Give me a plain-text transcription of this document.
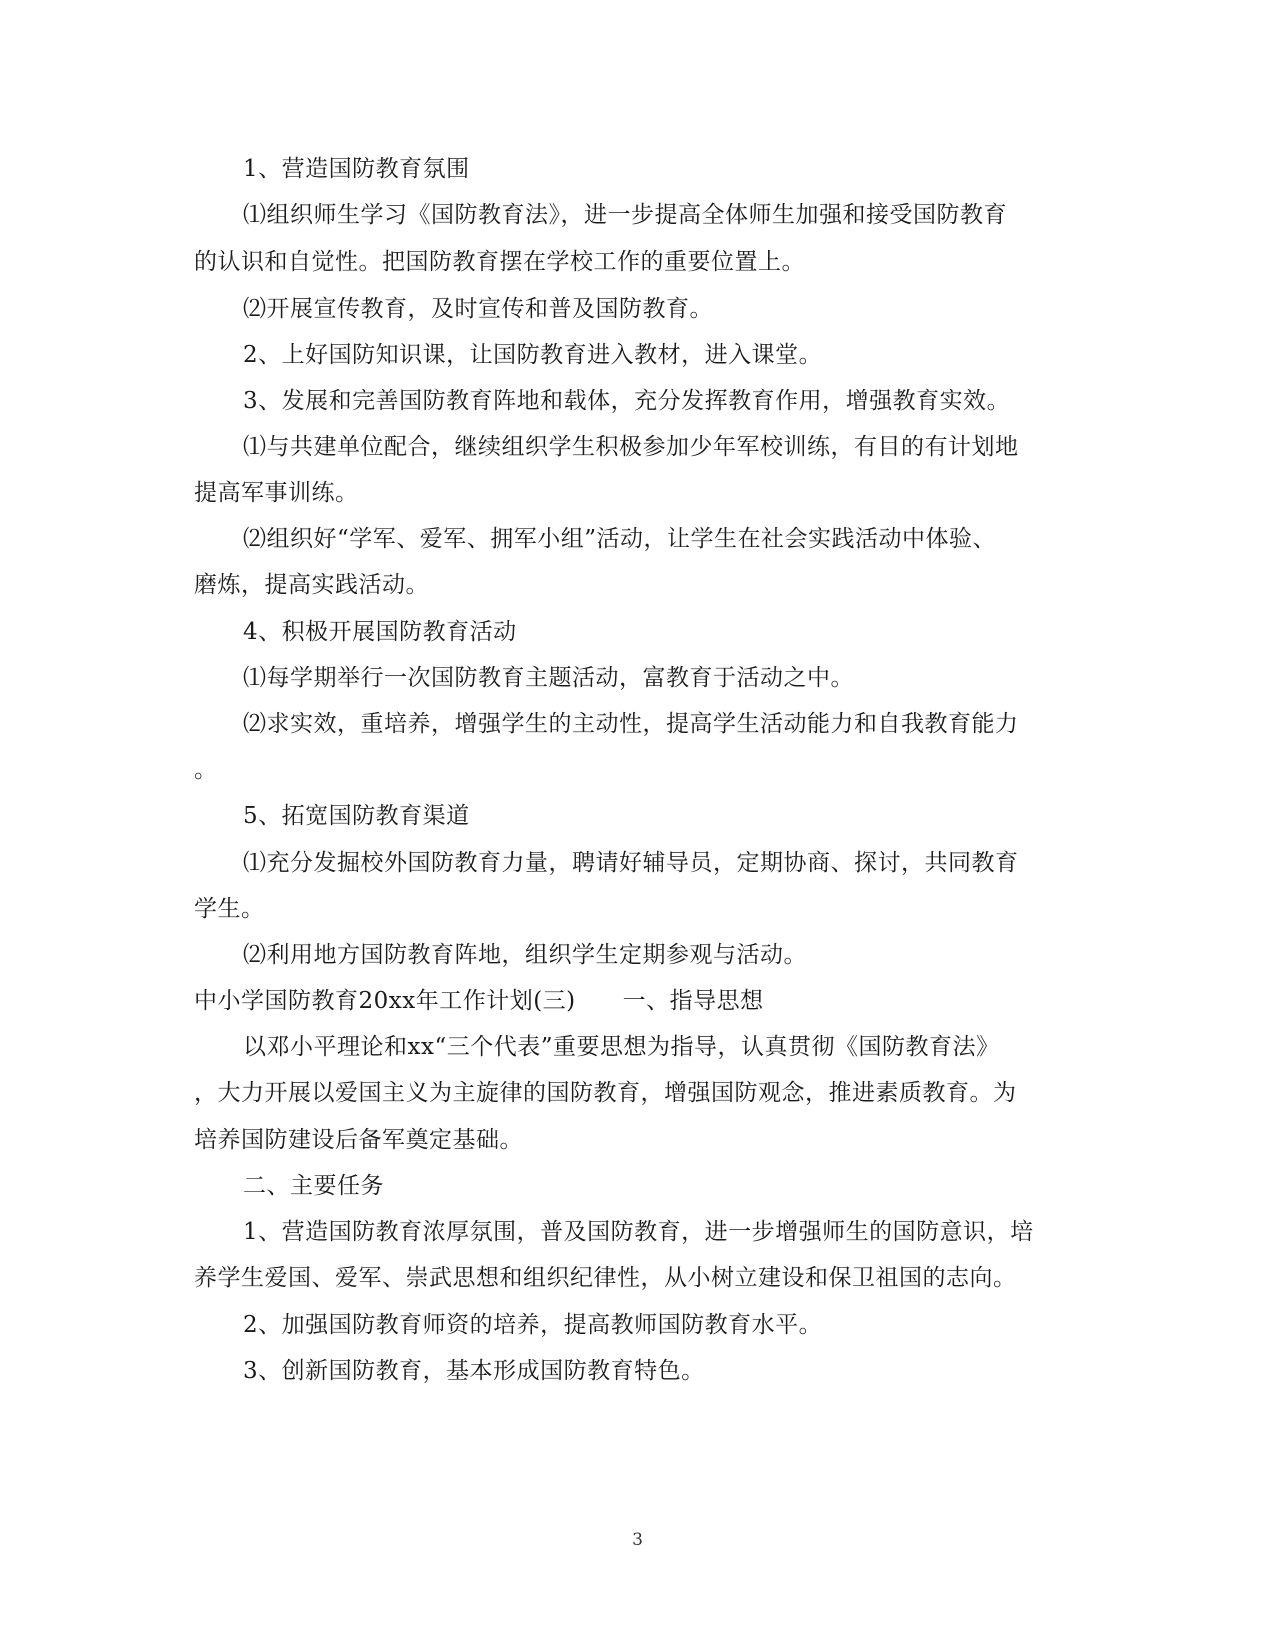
1、营造国防教育氛围
⑴组织师生学习《国防教育法》，进一步提高全体师生加强和接受国防教育
的认识和自觉性。把国防教育摆在学校工作的重要位置上。
⑵开展宣传教育，及时宣传和普及国防教育。
2、上好国防知识课，让国防教育进入教材，进入课堂。
3、发展和完善国防教育阵地和载体，充分发挥教育作用，增强教育实效。
⑴与共建单位配合，继续组织学生积极参加少年军校训练，有目的有计划地
提高军事训练。
⑵组织好“学军、爱军、拥军小组”活动，让学生在社会实践活动中体验、
磨炼，提高实践活动。
4、积极开展国防教育活动
⑴每学期举行一次国防教育主题活动，富教育于活动之中。
⑵求实效，重培养，增强学生的主动性，提高学生活动能力和自我教育能力
。
5、拓宽国防教育渠道
⑴充分发掘校外国防教育力量，聘请好辅导员，定期协商、探讨，共同教育
学生。
⑵利用地方国防教育阵地，组织学生定期参观与活动。
中小学国防教育20xx年工作计划(三)　　一、指导思想
以邓小平理论和xx“三个代表”重要思想为指导，认真贯彻《国防教育法》
，大力开展以爱国主义为主旋律的国防教育，增强国防观念，推进素质教育。为
培养国防建设后备军奠定基础。
二、主要任务
1、营造国防教育浓厚氛围，普及国防教育，进一步增强师生的国防意识，培
养学生爱国、爱军、崇武思想和组织纪律性，从小树立建设和保卫祖国的志向。
2、加强国防教育师资的培养，提高教师国防教育水平。
3、创新国防教育，基本形成国防教育特色。
3
